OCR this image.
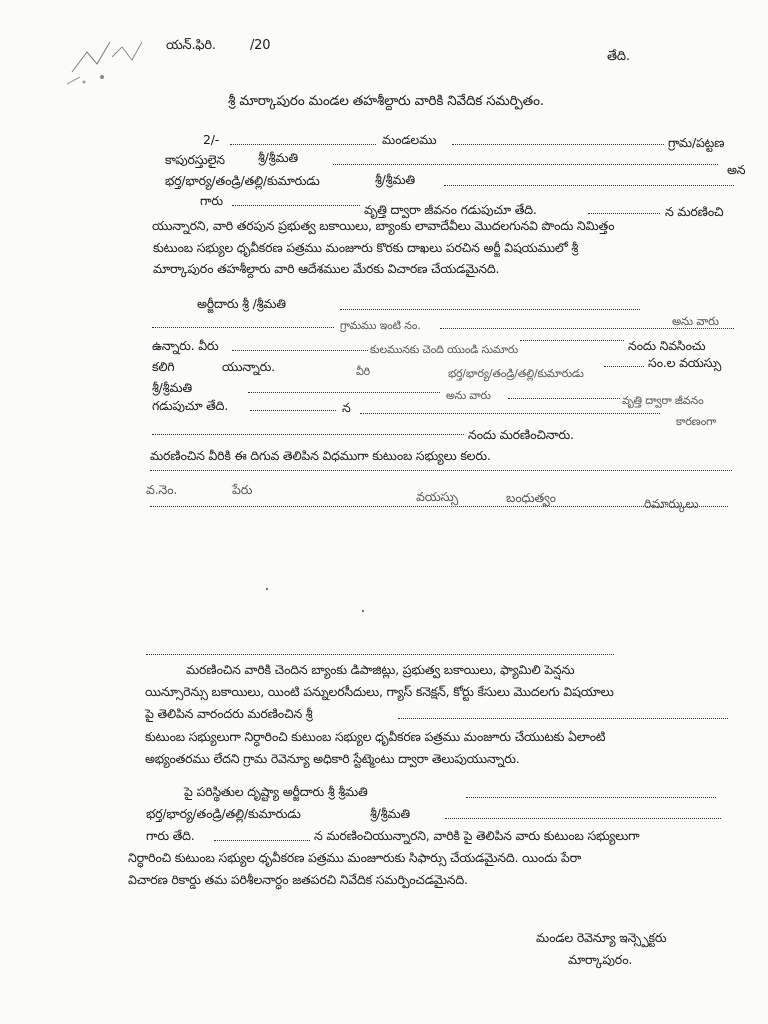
యన్.ఫిరి.	/20
తేది.
శ్రీ మార్కాపురం మండల తహశీల్దారు వారికి నివేదిక సమర్పితం.
2/-	మండలము	గ్రామ/పట్టణ
కాపురస్తులైన	శ్రీ/శ్రీమతి
అన
భర్త/భార్య/తండ్రి/తల్లి/కుమారుడు	శ్రీ/శ్రీమతి
గారు
వృత్తి ద్వారా జీవనం గడుపుచూ తేది.	న మరణించి
యున్నారని, వారి తరపున ప్రభుత్వ బకాయిలు, బ్యాంకు లావాదేవీలు మొదలగునవి పొందు నిమిత్తం
కుటుంబ సభ్యుల ధృవీకరణ పత్రము మంజూరు కొరకు దాఖలు పరచిన అర్జీ విషయములో శ్రీ
మార్కాపురం తహశీల్దారు వారి ఆదేశముల మేరకు విచారణ చేయడమైనది.
అర్జీదారు శ్రీ /శ్రీమతి
అను వారు
గ్రామము ఇంటి నం.
ఉన్నారు. వీరు	కులమునకు చెంది యుండి సుమారు	నందు నివసించు
కలిగి	యున్నారు.	వీరి	భర్త/భార్య/తండ్రి/తల్లి/కుమారుడు
సం.ల వయస్సు
శ్రీ/శ్రీమతి
అను వారు	వృత్తి ద్వారా జీవనం
గడుపుచూ తేది.	న
కారణంగా
నందు మరణించినారు.
మరణించిన వీరికి ఈ దిగువ తెలిపిన విధముగా కుటుంబ సభ్యులు కలరు.
వ.నెం.	పేరు	వయస్సు	బంధుత్వం	రిమార్కులు
మరణించిన వారికి చెందిన బ్యాంకు డిపాజిట్లు, ప్రభుత్వ బకాయిలు, ఫ్యామిలి పెన్షను
యిన్సూరెన్సు బకాయిలు, యింటి పన్నులరసీదులు, గ్యాస్ కనెక్షన్, కోర్టు కేసులు మొదలగు విషయాలు
పై తెలిపిన వారందరు మరణించిన శ్రీ
కుటుంబ సభ్యులుగా నిర్ధారించి కుటుంబ సభ్యుల ధృవీకరణ పత్రము మంజూరు చేయుటకు ఏలాంటి
అభ్యంతరము లేదని గ్రామ రెవెన్యూ అధికారి స్టేట్మెంటు ద్వారా తెలుపుయున్నారు.
పై పరిస్థితుల దృష్ట్యా అర్జీదారు శ్రీ శ్రీమతి
భర్త/భార్య/తండ్రి/తల్లి/కుమారుడు	శ్రీ/శ్రీమతి
గారు తేది.	న మరణించియున్నారని, వారికి పై తెలిపిన వారు కుటుంబ సభ్యులుగా
నిర్ధారించి కుటుంబ సభ్యుల ధృవీకరణ పత్రము మంజూరుకు సిఫార్సు చేయడమైనది. యిందు పేరా
విచారణ రికార్డు తమ పరిశీలనార్ధం జతపరచి నివేదిక సమర్పించడమైనది.
మండల రెవెన్యూ ఇన్స్పెక్టరు
మార్కాపురం.
